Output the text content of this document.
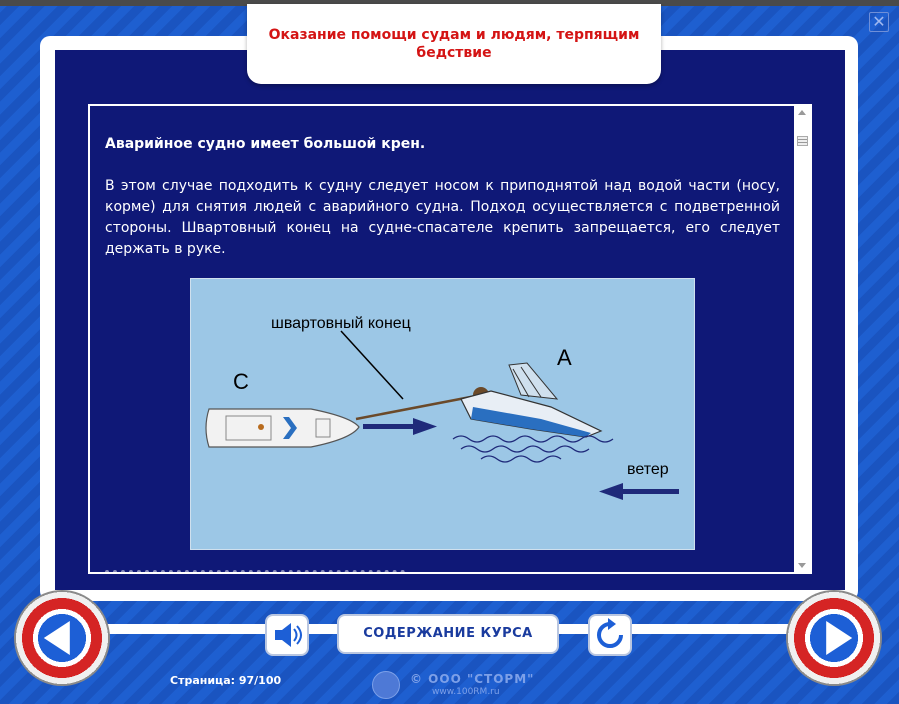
✕
Оказание помощи судам и людям, терпящим бедствие
Аварийное судно имеет большой крен.
В этом случае подходить к судну следует носом к приподнятой над водой части (носу, корме) для снятия людей с аварийного судна. Подход осуществляется с подветренной стороны. Швартовный конец на судне-спасателе крепить запрещается, его следует держать в руке.
швартовный конец
С
А
ветер
СОДЕРЖАНИЕ КУРСА
Страница: 97/100	© ООО "СТОРМ"
www.100RM.ru
